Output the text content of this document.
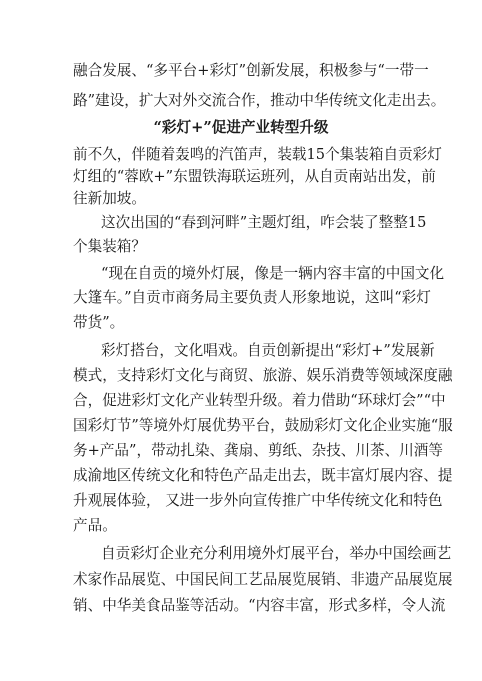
融合发展、“多平台+彩灯”创新发展，积极参与“一带一
路”建设，扩大对外交流合作，推动中华传统文化走出去。
“彩灯+”促进产业转型升级
前不久，伴随着轰鸣的汽笛声，装载15个集装箱自贡彩灯
灯组的“蓉欧+”东盟铁海联运班列，从自贡南站出发，前
往新加坡。
这次出国的“春到河畔”主题灯组，咋会装了整整15
个集装箱？
“现在自贡的境外灯展，像是一辆内容丰富的中国文化
大篷车。”自贡市商务局主要负责人形象地说，这叫“彩灯
带货”。
彩灯搭台，文化唱戏。自贡创新提出“彩灯+”发展新
模式，支持彩灯文化与商贸、旅游、娱乐消费等领域深度融
合，促进彩灯文化产业转型升级。着力借助“环球灯会”“中
国彩灯节”等境外灯展优势平台，鼓励彩灯文化企业实施“服
务+产品”，带动扎染、龚扇、剪纸、杂技、川茶、川酒等
成渝地区传统文化和特色产品走出去，既丰富灯展内容、提
升观展体验， 又进一步外向宣传推广中华传统文化和特色
产品。
自贡彩灯企业充分利用境外灯展平台，举办中国绘画艺
术家作品展览、中国民间工艺品展览展销、非遗产品展览展
销、中华美食品鉴等活动。“内容丰富，形式多样，令人流
